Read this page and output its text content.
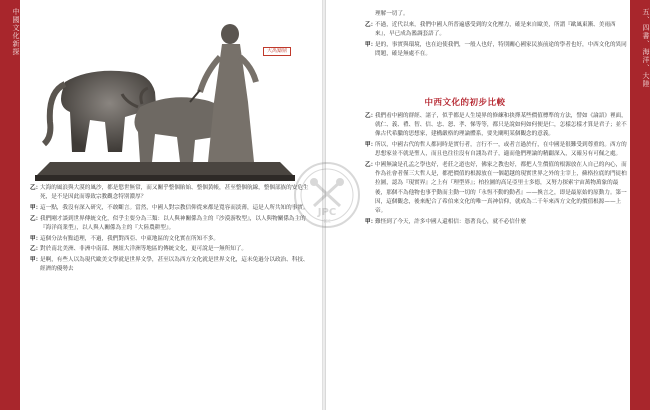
中國文化新探	大禹鑄鼎
乙：
大海的風浪與大漠的風沙，都是慾世無常，而又關乎整個貽始、整個黃帳，甚至整個航線，整個部族的安危生死，是不是因此而導致宗教觀念特別濃厚？
甲：
這一點，我沒有深入研究，不敢斷言。當然，中國人對宗教信仰從來都是寬容而淡薄，這是人所共知的事實。
乙：
我們剛才談到世界傳統文化，似乎主要分為三類：以人與神關係為主的『沙漠游牧型』，以人與物關係為主的『海洋商業型』，以人與人關係為主的『大陸農耕型』。
甲：
這個分法有點道理，不過，我們對西亞、中東地區的文化實在所知不多。
乙：
對於南北美洲、非洲中南部、澳紐大洋洲等地區的傳統文化，更可說是一無所知了。
甲：
是啊，有些人以為現代歐美文學就是世界文學，甚至以為西方文化就是世界文化，這未免過分以政治、科技、經濟的優勢去
理解一切了。
乙：
不過，近代以來，我們中國人所普遍感受到的文化壓力，確是來自歐美，所謂『歐風東漸、美雨西來』，早已成為濫調套語了。
甲：
是的，事實與環境，也在迫使我們，一般人也好，特別關心國家民族前途的學者也好，中西文化的異同問題，確是無處不在。
乙：
我們看中國的群經、諸子，似乎都是人生境界的修練和抉擇某些價值標準的方法，譬如《論語》裡面，就仁、義、禮、智、信、忠、恕、孝、悌等等，都只是說如何如何便是仁，怎樣怎樣才算是君子；並不像古代希臘的思想家，建構嚴格的理論體系，要先闡明某個觀念的意義。
甲：
所以，中國古代的哲人都同時是實行者，言行不一，或者言過於行，在中國是很難受到尊重的。西方的思想家並不就是聖人，而且也往往沒有自詡為君子，適而他們理論的精闢深入，又確另有可佩之處。
乙：
中國無論是孔孟之學也好，老莊之道也好，佛家之教也好，都把人生價值的根源放在人自己的內心，而作為社會者僅三大哲人是，都把價值的根源放在一個超越的現實世界之外的主宰上，蘇格拉底的門徒柏拉圖，認為『現實界』之上有『理型界』；柏拉圖的高足亞里士多德，又努力探索宇宙萬物萬象的最後，那個不為他物也事乎動而主動一切的『永恆不動的動者』——換言之，即是最原始的原動力。第一因，這個觀念，後來配合了希伯來文化的唯一真神信仰，就成為二千年來西方文化的價值根源——上帝。
甲：
難怪到了今天，許多中國人還相信：憑著良心，就不必信什麼
五、四書、海洋、大陸
中西文化的初步比較
JPC
HK
